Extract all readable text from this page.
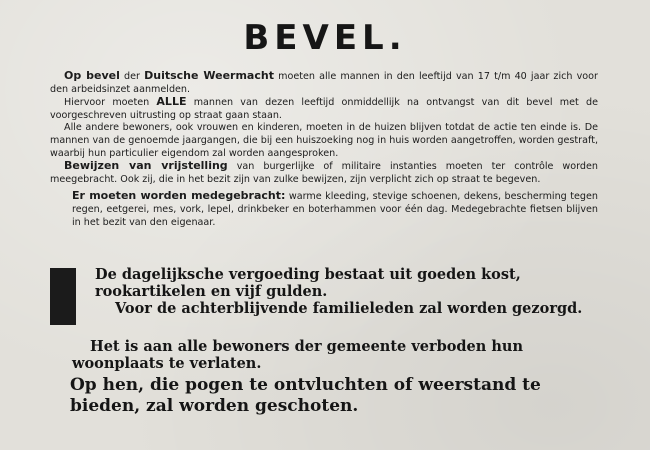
BEVEL.

Op bevel der Duitsche Weermacht moeten alle mannen in den leeftijd van 17 t/m 40 jaar zich voor den arbeidsinzet aanmelden.

Hiervoor moeten ALLE mannen van dezen leeftijd onmiddellijk na ontvangst van dit bevel met de voorgeschreven uitrusting op straat gaan staan.

Alle andere bewoners, ook vrouwen en kinderen, moeten in de huizen blijven totdat de actie ten einde is. De mannen van de genoemde jaargangen, die bij een huiszoeking nog in huis worden aangetroffen, worden gestraft, waarbij hun particulier eigendom zal worden aangesproken.

Bewijzen van vrijstelling van burgerlijke of militaire instanties moeten ter contrôle worden meegebracht. Ook zij, die in het bezit zijn van zulke bewijzen, zijn verplicht zich op straat te begeven.

Er moeten worden medegebracht: warme kleeding, stevige schoenen, dekens, bescherming tegen regen, eetgerei, mes, vork, lepel, drinkbeker en boterhammen voor één dag. Medegebrachte fietsen blijven in het bezit van den eigenaar.

De dagelijksche vergoeding bestaat uit goeden kost, rookartikelen en vijf gulden.
Voor de achterblijvende familieleden zal worden gezorgd.
Het is aan alle bewoners der gemeente verboden hun woonplaats te verlaten.
Op hen, die pogen te ontvluchten of weerstand te bieden, zal worden geschoten.
